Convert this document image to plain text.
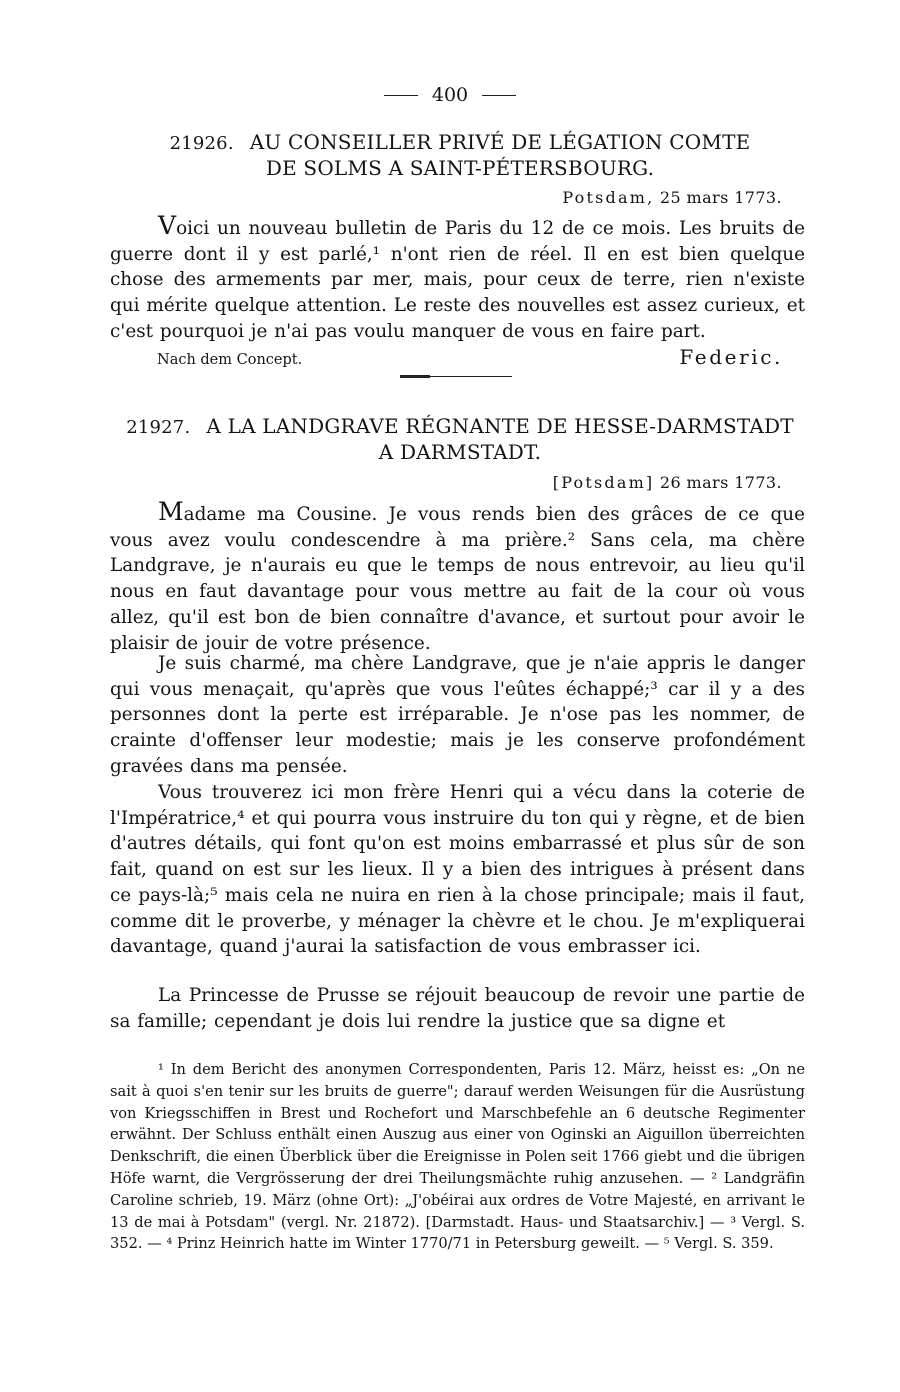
400
21926. AU CONSEILLER PRIVÉ DE LÉGATION COMTE
DE SOLMS A SAINT-PÉTERSBOURG.
Potsdam, 25 mars 1773.

Voici un nouveau bulletin de Paris du 12 de ce mois. Les bruits de guerre dont il y est parlé,¹ n'ont rien de réel. Il en est bien quelque chose des armements par mer, mais, pour ceux de terre, rien n'existe qui mérite quelque attention. Le reste des nouvelles est assez curieux, et c'est pourquoi je n'ai pas voulu manquer de vous en faire part.

Nach dem Concept.	Federic.
21927. A LA LANDGRAVE RÉGNANTE DE HESSE-DARMSTADT
A DARMSTADT.
[Potsdam] 26 mars 1773.

Madame ma Cousine. Je vous rends bien des grâces de ce que vous avez voulu condescendre à ma prière.² Sans cela, ma chère Landgrave, je n'aurais eu que le temps de nous entrevoir, au lieu qu'il nous en faut davantage pour vous mettre au fait de la cour où vous allez, qu'il est bon de bien connaître d'avance, et surtout pour avoir le plaisir de jouir de votre présence.

Je suis charmé, ma chère Landgrave, que je n'aie appris le danger qui vous menaçait, qu'après que vous l'eûtes échappé;³ car il y a des personnes dont la perte est irréparable. Je n'ose pas les nommer, de crainte d'offenser leur modestie; mais je les conserve profondément gravées dans ma pensée.

Vous trouverez ici mon frère Henri qui a vécu dans la coterie de l'Impératrice,⁴ et qui pourra vous instruire du ton qui y règne, et de bien d'autres détails, qui font qu'on est moins embarrassé et plus sûr de son fait, quand on est sur les lieux. Il y a bien des intrigues à présent dans ce pays-là;⁵ mais cela ne nuira en rien à la chose principale; mais il faut, comme dit le proverbe, y ménager la chèvre et le chou. Je m'expliquerai davantage, quand j'aurai la satisfaction de vous embrasser ici.

La Princesse de Prusse se réjouit beaucoup de revoir une partie de sa famille; cependant je dois lui rendre la justice que sa digne et

¹ In dem Bericht des anonymen Correspondenten, Paris 12. März, heisst es: „On ne sait à quoi s'en tenir sur les bruits de guerre"; darauf werden Weisungen für die Ausrüstung von Kriegsschiffen in Brest und Rochefort und Marschbefehle an 6 deutsche Regimenter erwähnt. Der Schluss enthält einen Auszug aus einer von Oginski an Aiguillon überreichten Denkschrift, die einen Überblick über die Ereignisse in Polen seit 1766 giebt und die übrigen Höfe warnt, die Vergrösserung der drei Theilungsmächte ruhig anzusehen. — ² Landgräfin Caroline schrieb, 19. März (ohne Ort): „J'obéirai aux ordres de Votre Majesté, en arrivant le 13 de mai à Potsdam" (vergl. Nr. 21872). [Darmstadt. Haus- und Staatsarchiv.] — ³ Vergl. S. 352. — ⁴ Prinz Heinrich hatte im Winter 1770/71 in Petersburg geweilt. — ⁵ Vergl. S. 359.
